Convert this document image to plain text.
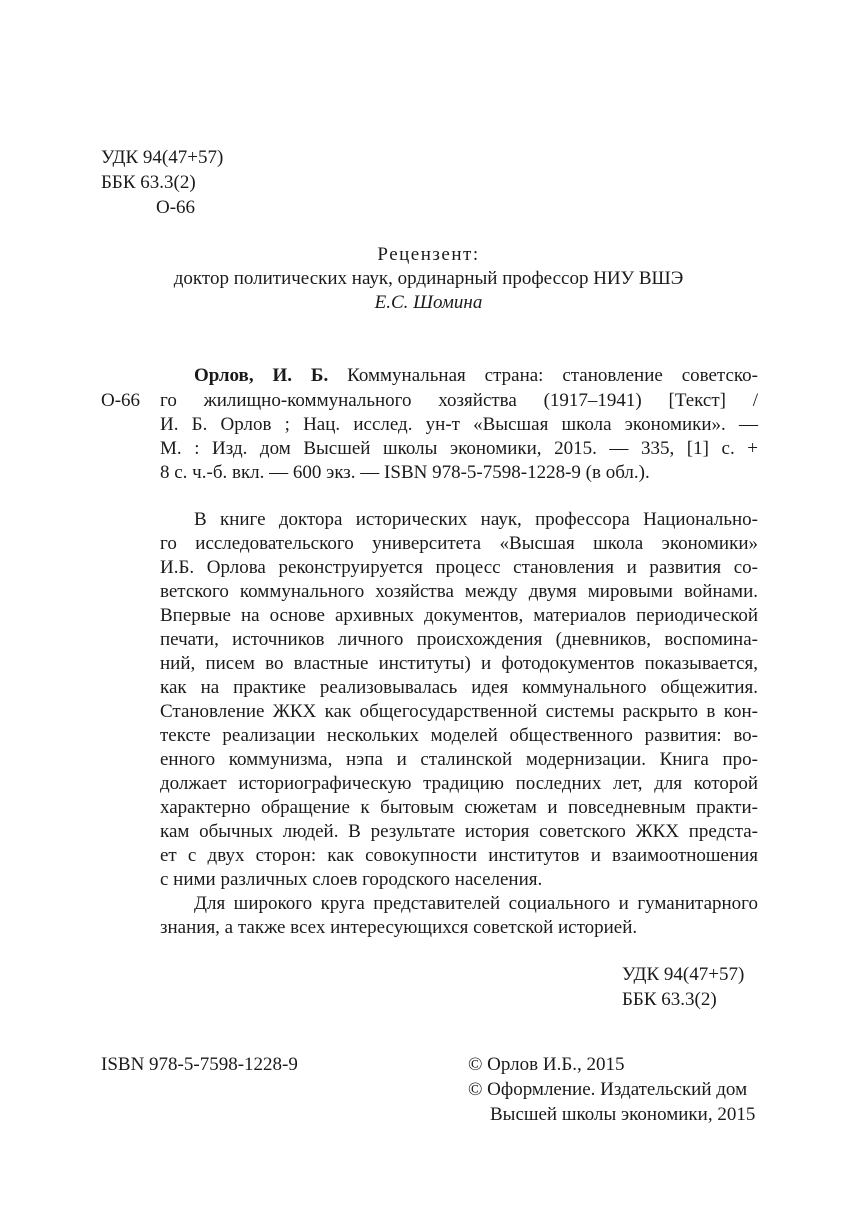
УДК 94(47+57)
ББК 63.3(2)
О-66
Рецензент:
доктор политических наук, ординарный профессор НИУ ВШЭ
Е.С. Шомина
О-66
Орлов, И. Б. Коммунальная страна: становление советско-
го жилищно-коммунального хозяйства (1917–1941) [Текст] /
И. Б. Орлов ; Нац. исслед. ун-т «Высшая школа экономики». —
М. : Изд. дом Высшей школы экономики, 2015. — 335, [1] с. +
8 с. ч.-б. вкл. — 600 экз. — ISBN 978-5-7598-1228-9 (в обл.).
В книге доктора исторических наук, профессора Национально-
го исследовательского университета «Высшая школа экономики»
И.Б. Орлова реконструируется процесс становления и развития со-
ветского коммунального хозяйства между двумя мировыми войнами.
Впервые на основе архивных документов, материалов периодической
печати, источников личного происхождения (дневников, воспомина-
ний, писем во властные институты) и фотодокументов показывается,
как на практике реализовывалась идея коммунального общежития.
Становление ЖКХ как общегосударственной системы раскрыто в кон-
тексте реализации нескольких моделей общественного развития: во-
енного коммунизма, нэпа и сталинской модернизации. Книга про-
должает историографическую традицию последних лет, для которой
характерно обращение к бытовым сюжетам и повседневным практи-
кам обычных людей. В результате история советского ЖКХ предста-
ет с двух сторон: как совокупности институтов и взаимоотношения
с ними различных слоев городского населения.
Для широкого круга представителей социального и гуманитарного
знания, а также всех интересующихся советской историей.
УДК 94(47+57)
ББК 63.3(2)
ISBN 978-5-7598-1228-9	© Орлов И.Б., 2015
© Оформление. Издательский дом
Высшей школы экономики, 2015
